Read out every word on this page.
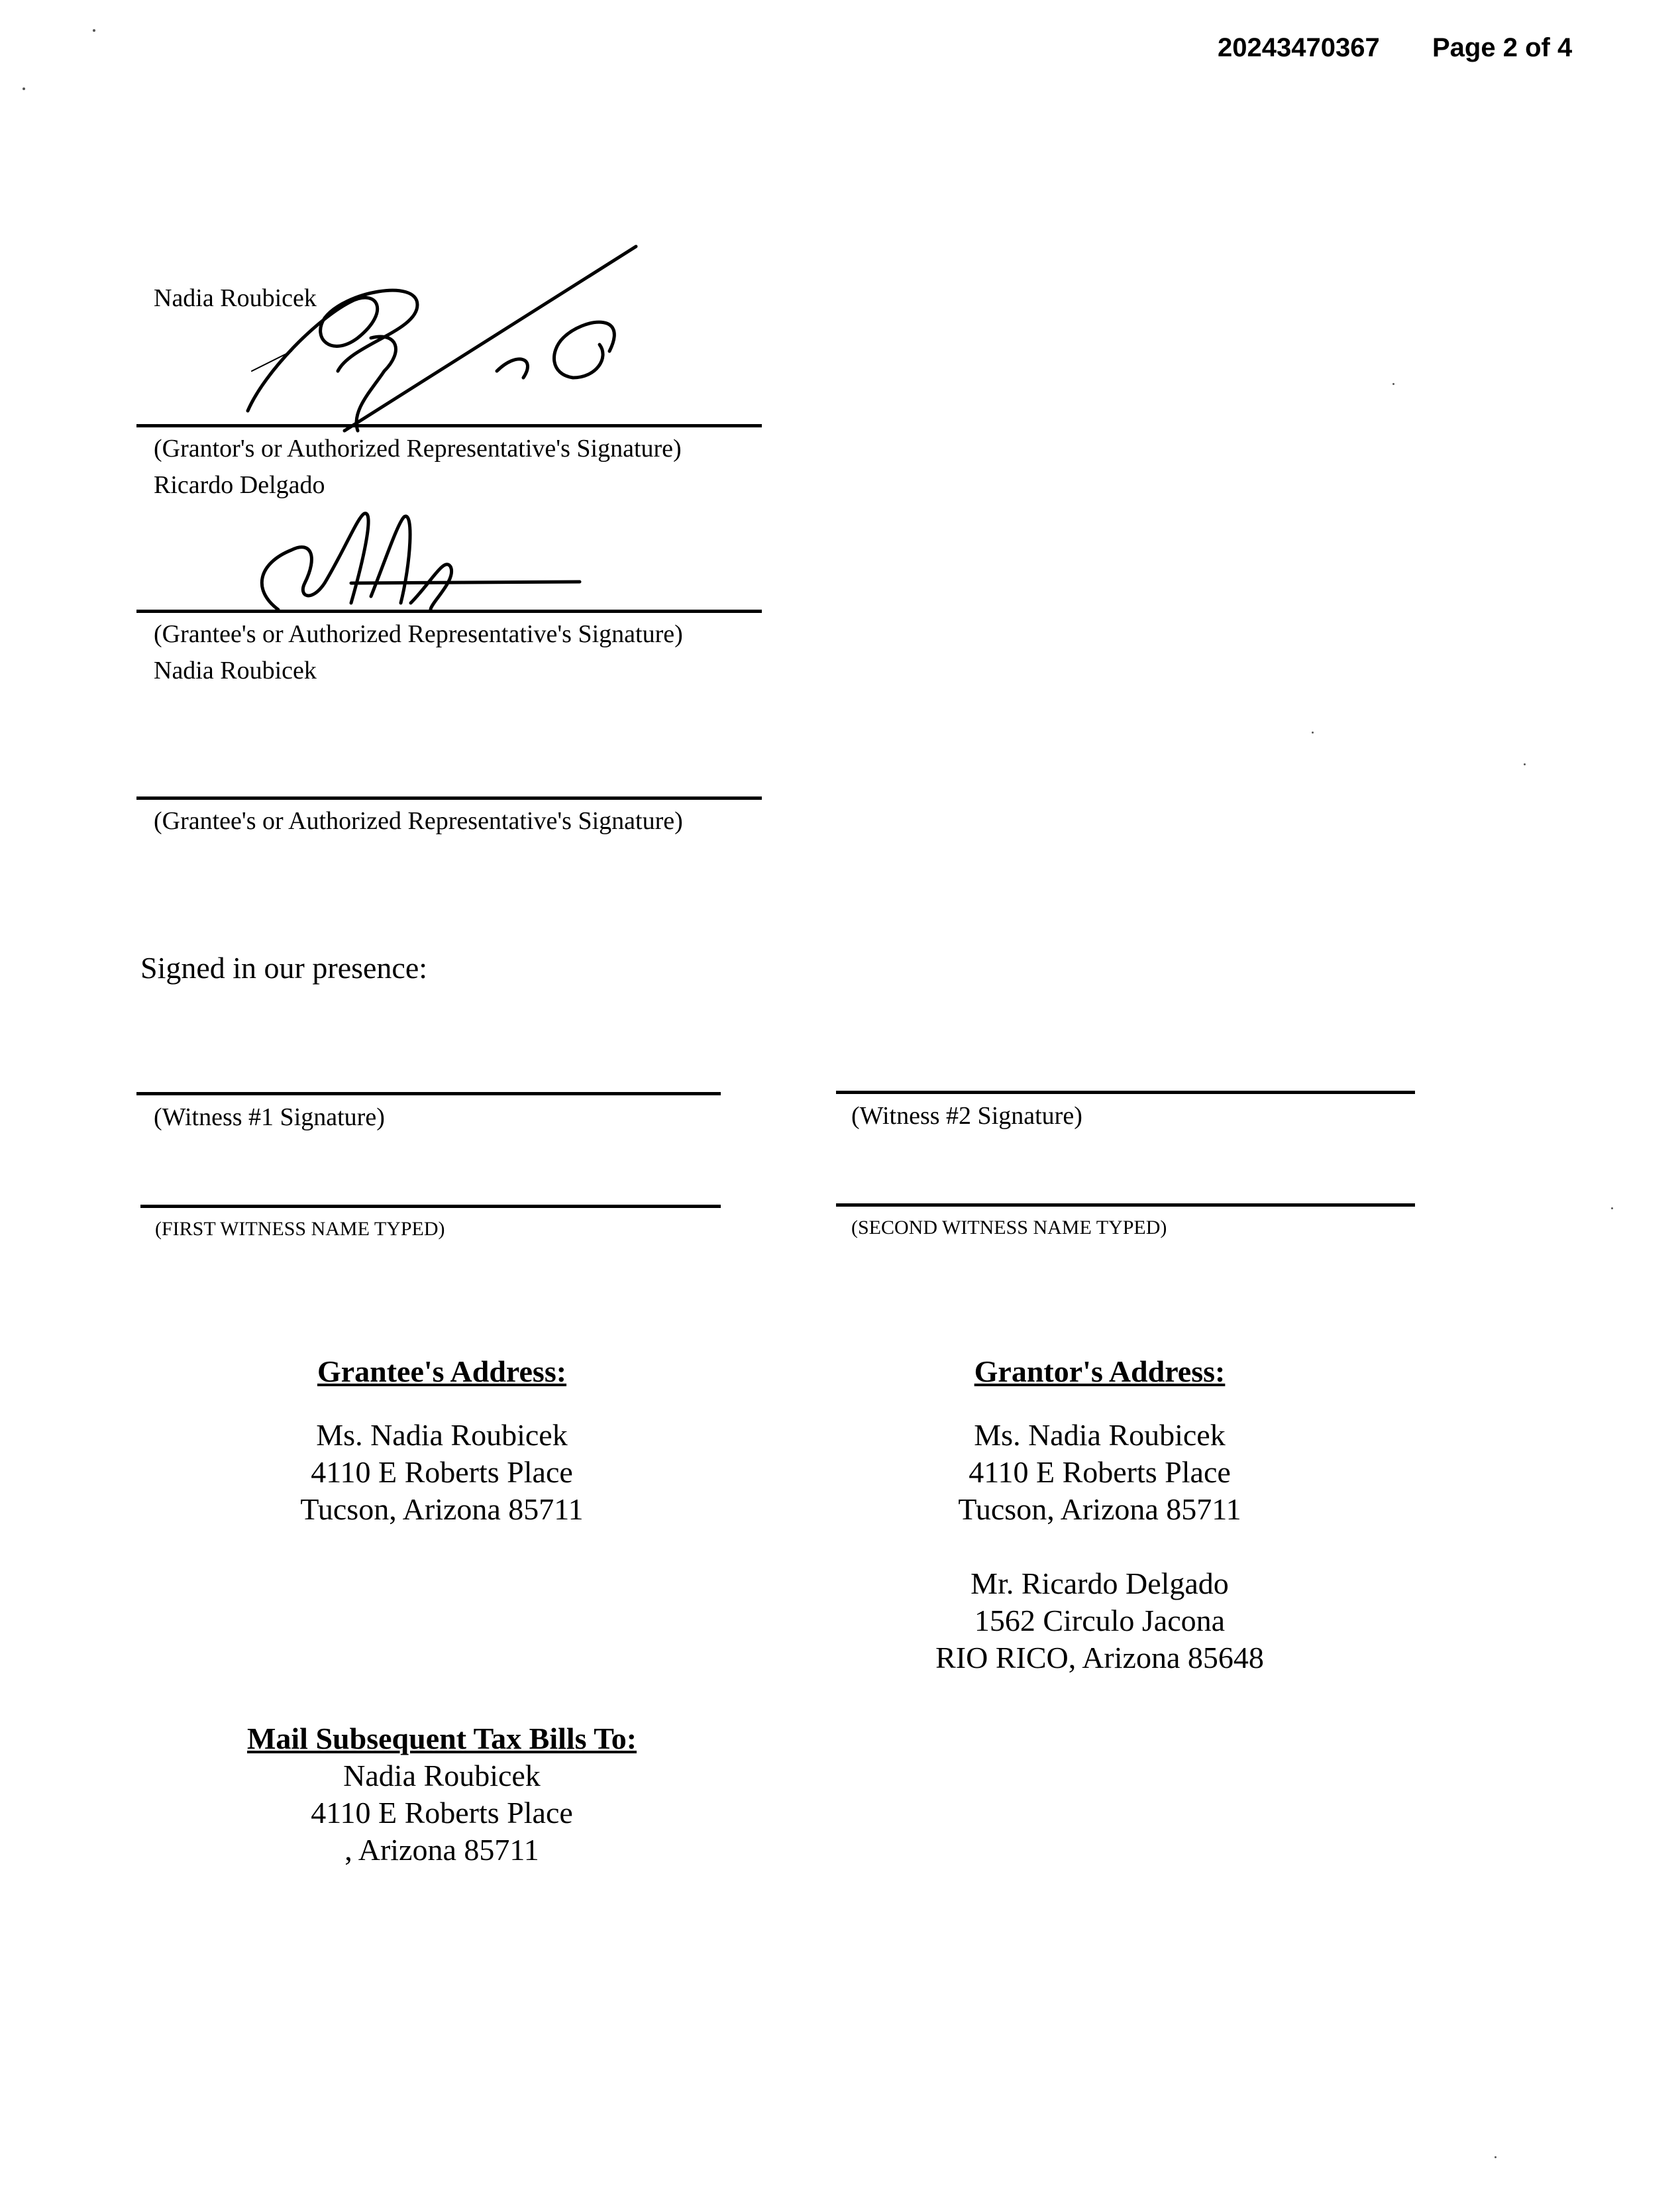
20243470367 Page 2 of 4
Nadia Roubicek
(Grantor's or Authorized Representative's Signature)
Ricardo Delgado
(Grantee's or Authorized Representative's Signature)
Nadia Roubicek
(Grantee's or Authorized Representative's Signature)
Signed in our presence:
(Witness #1 Signature)	(Witness #2 Signature)
(FIRST WITNESS NAME TYPED)	(SECOND WITNESS NAME TYPED)
Grantee's Address:
Ms. Nadia Roubicek
4110 E Roberts Place
Tucson, Arizona 85711
Grantor's Address:
Ms. Nadia Roubicek
4110 E Roberts Place
Tucson, Arizona 85711
Mr. Ricardo Delgado
1562 Circulo Jacona
RIO RICO, Arizona 85648
Mail Subsequent Tax Bills To:
Nadia Roubicek
4110 E Roberts Place
, Arizona 85711
